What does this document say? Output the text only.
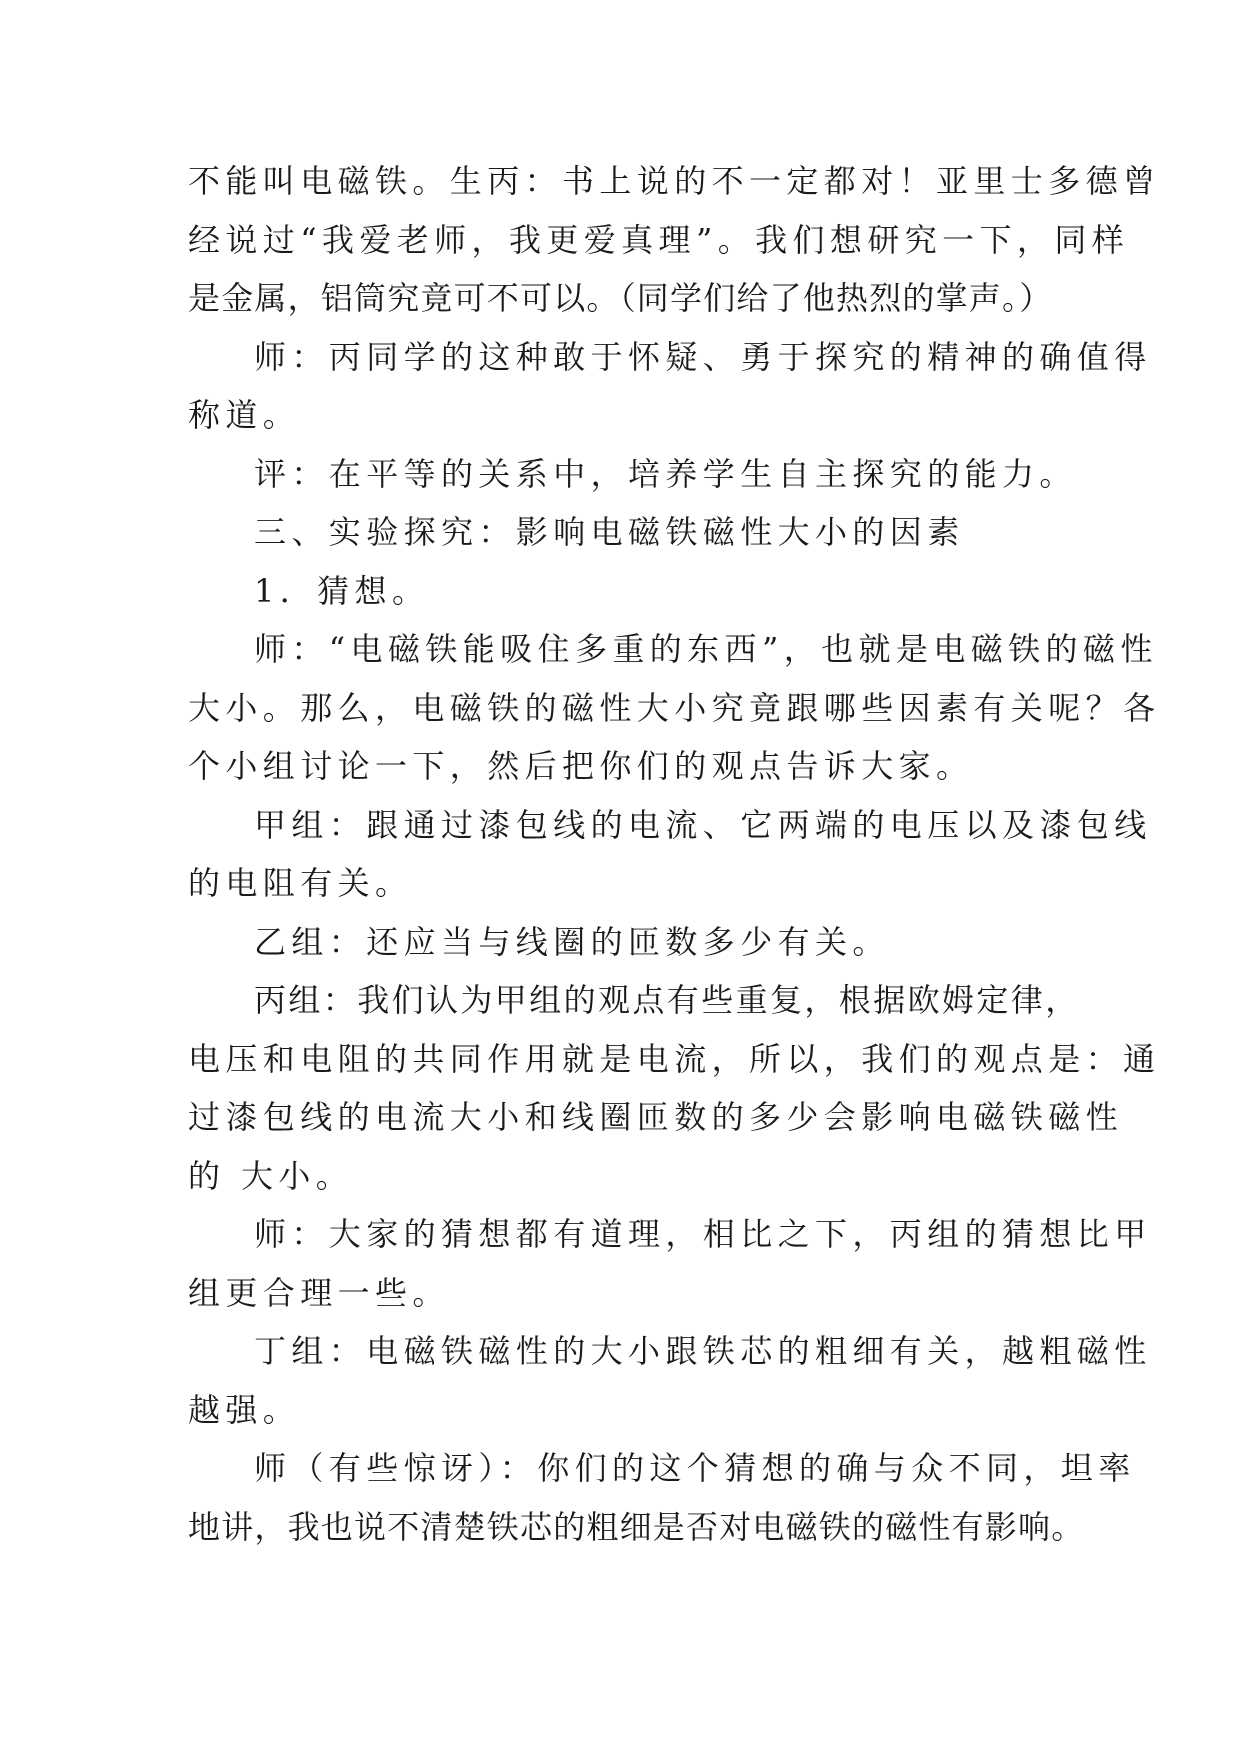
不能叫电磁铁。生丙：书上说的不一定都对！亚里士多德曾
经说过“我爱老师，我更爱真理”。我们想研究一下，同样
是金属，铝筒究竟可不可以。（同学们给了他热烈的掌声。）
师：丙同学的这种敢于怀疑、勇于探究的精神的确值得
称道。
评：在平等的关系中，培养学生自主探究的能力。
三、实验探究：影响电磁铁磁性大小的因素
1．猜想。
师：“电磁铁能吸住多重的东西”，也就是电磁铁的磁性
大小。那么，电磁铁的磁性大小究竟跟哪些因素有关呢？各
个小组讨论一下，然后把你们的观点告诉大家。
甲组：跟通过漆包线的电流、它两端的电压以及漆包线
的电阻有关。
乙组：还应当与线圈的匝数多少有关。
丙组：我们认为甲组的观点有些重复，根据欧姆定律，
电压和电阻的共同作用就是电流，所以，我们的观点是：通
过漆包线的电流大小和线圈匝数的多少会影响电磁铁磁性
的 大小。
师：大家的猜想都有道理，相比之下，丙组的猜想比甲
组更合理一些。
丁组：电磁铁磁性的大小跟铁芯的粗细有关，越粗磁性
越强。
师（有些惊讶）：你们的这个猜想的确与众不同，坦率
地讲，我也说不清楚铁芯的粗细是否对电磁铁的磁性有影响。
